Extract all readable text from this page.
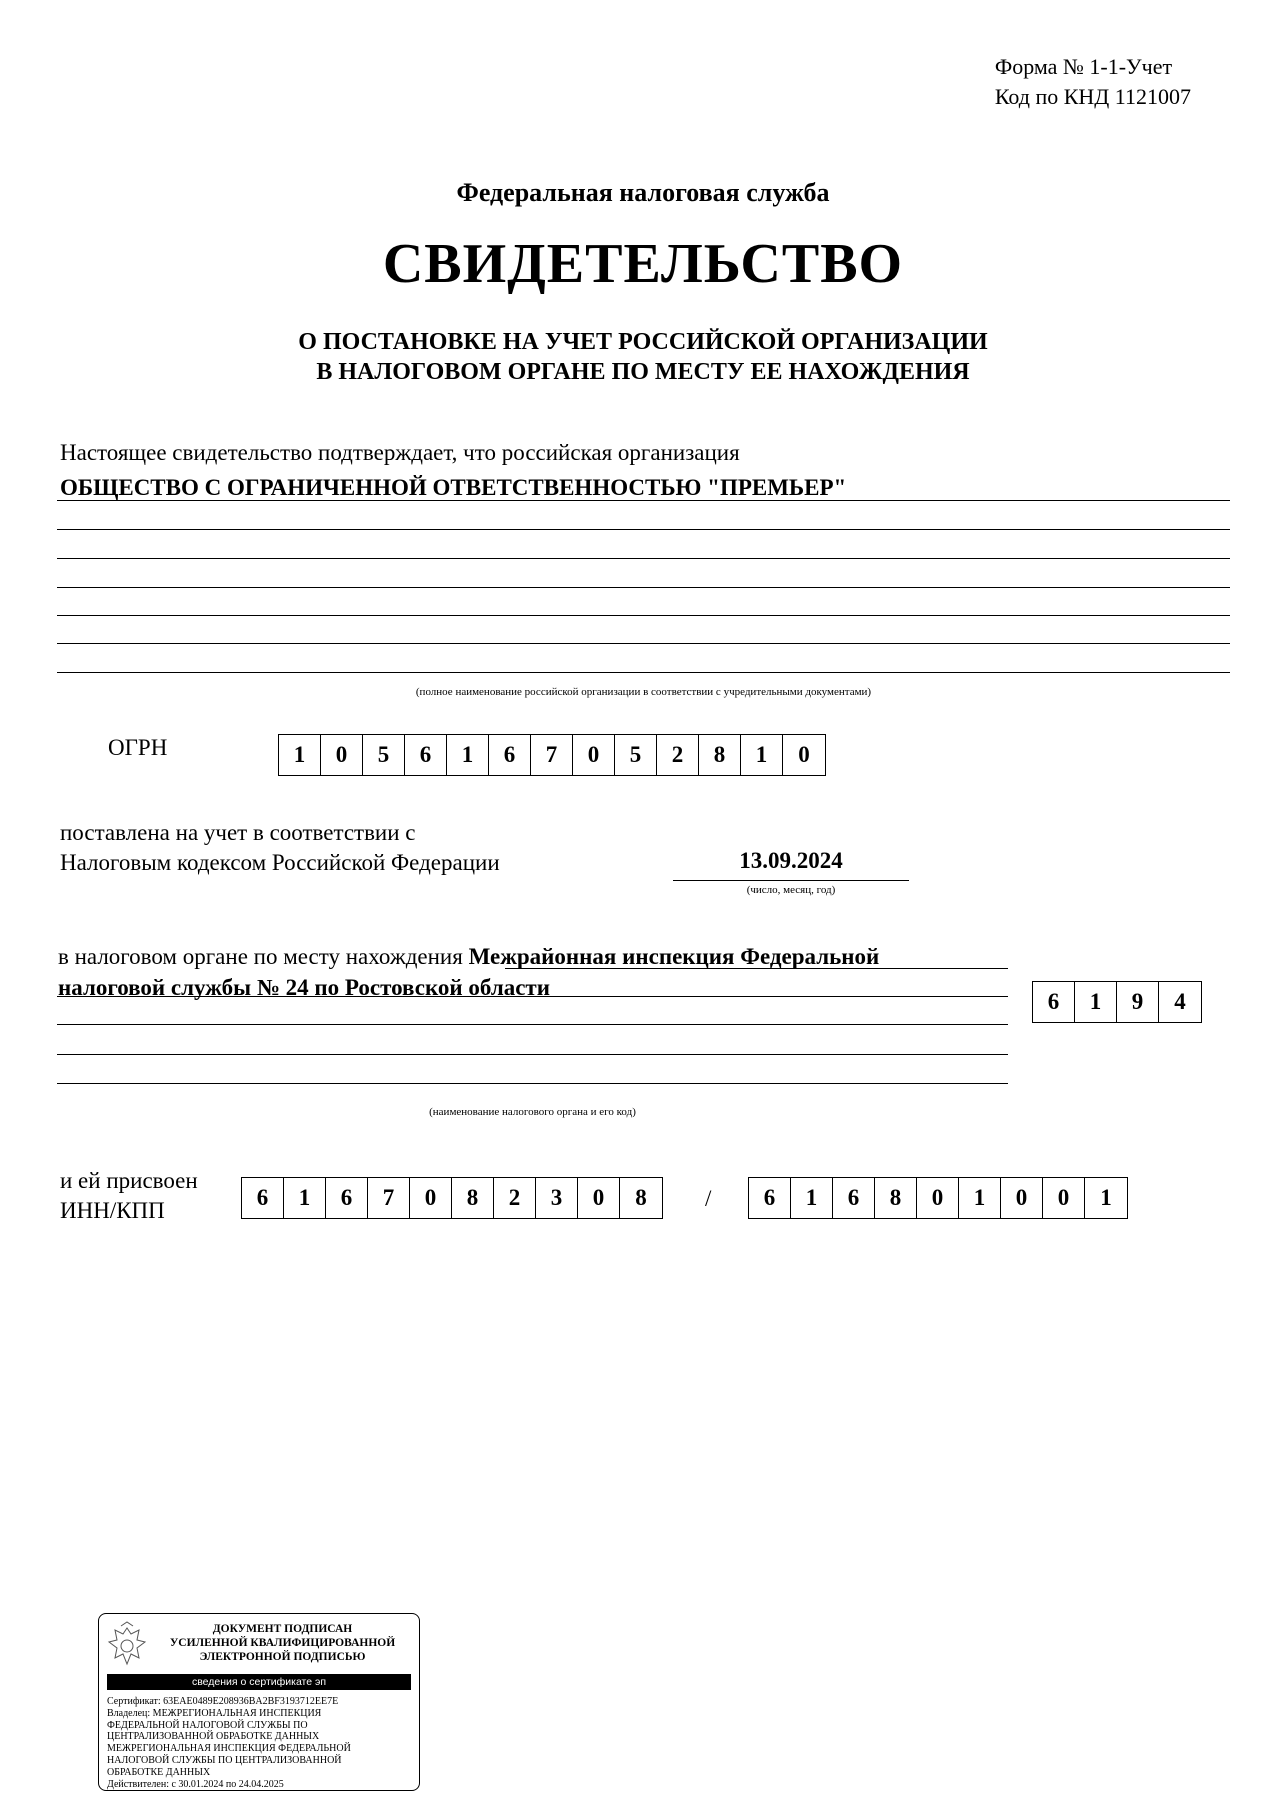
Форма № 1-1-Учет
Код по КНД 1121007
Федеральная налоговая служба
СВИДЕТЕЛЬСТВО
О ПОСТАНОВКЕ НА УЧЕТ РОССИЙСКОЙ ОРГАНИЗАЦИИ
В НАЛОГОВОМ ОРГАНЕ ПО МЕСТУ ЕЕ НАХОЖДЕНИЯ
Настоящее свидетельство подтверждает, что российская организация
ОБЩЕСТВО С ОГРАНИЧЕННОЙ ОТВЕТСТВЕННОСТЬЮ "ПРЕМЬЕР"
(полное наименование российской организации в соответствии с учредительными документами)
ОГРН	1	0	5	6	1	6	7	0	5	2	8	1	0
поставлена на учет в соответствии с
Налоговым кодексом Российской Федерации	13.09.2024
(число, месяц, год)
в налоговом органе по месту нахождения Межрайонная инспекция Федеральной
налоговой службы № 24 по Ростовской области
6	1	9	4
(наименование налогового органа и его код)
и ей присвоен
ИНН/КПП
6	1	6	7	0	8	2	3	0	8	/	6	1	6	8	0	1	0	0	1
ДОКУМЕНТ ПОДПИСАН
УСИЛЕННОЙ КВАЛИФИЦИРОВАННОЙ
ЭЛЕКТРОННОЙ ПОДПИСЬЮ
сведения о сертификате эп
Сертификат: 63EAE0489E208936BA2BF3193712EE7E
Владелец: МЕЖРЕГИОНАЛЬНАЯ ИНСПЕКЦИЯ
ФЕДЕРАЛЬНОЙ НАЛОГОВОЙ СЛУЖБЫ ПО
ЦЕНТРАЛИЗОВАННОЙ ОБРАБОТКЕ ДАННЫХ
МЕЖРЕГИОНАЛЬНАЯ ИНСПЕКЦИЯ ФЕДЕРАЛЬНОЙ
НАЛОГОВОЙ СЛУЖБЫ ПО ЦЕНТРАЛИЗОВАННОЙ
ОБРАБОТКЕ ДАННЫХ
Действителен: с 30.01.2024 по 24.04.2025
